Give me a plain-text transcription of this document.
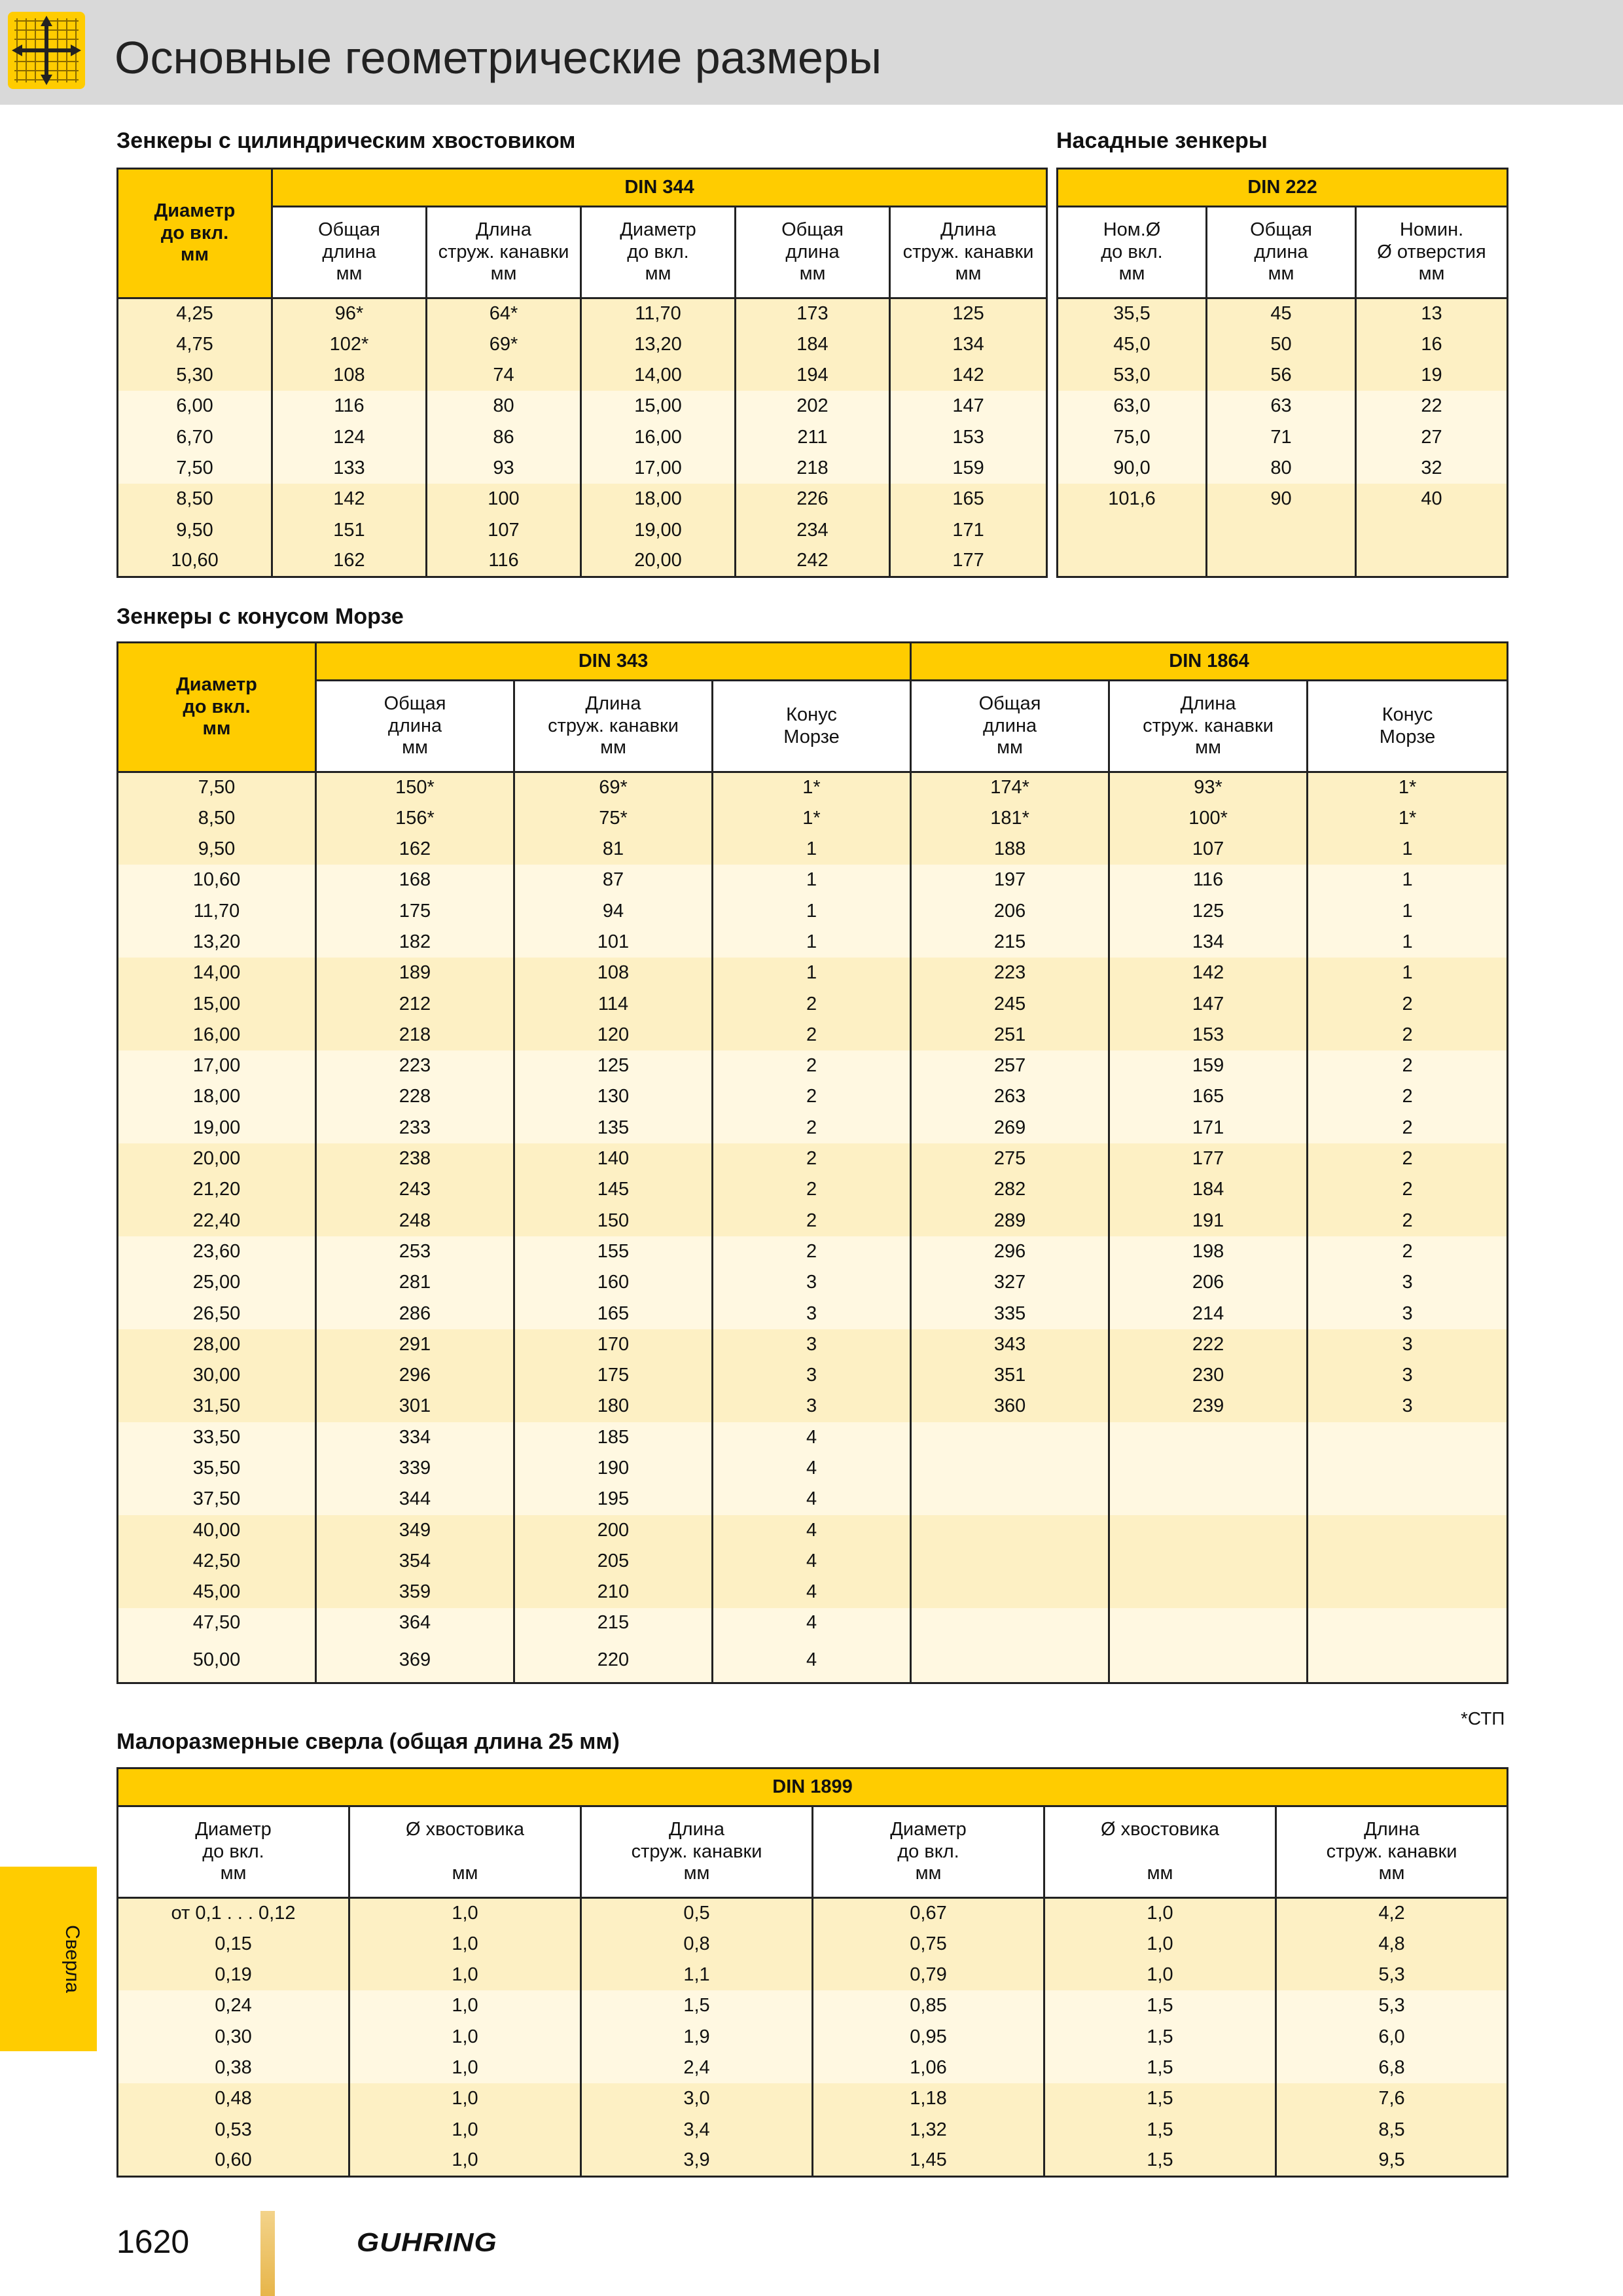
Основные геометрические размеры
Зенкеры с цилиндрическим хвостовиком	Насадные зенкеры
Диаметр
до вкл.
мм	DIN 344				
	Общая
длина
мм	Длина
струж. канавки
мм	Диаметр
до вкл.
мм	Общая
длина
мм	Длина
струж. канавки
мм
4,25	96*	64*	11,70	173	125
4,75	102*	69*	13,20	184	134
5,30	108	74	14,00	194	142
6,00	116	80	15,00	202	147
6,70	124	86	16,00	211	153
7,50	133	93	17,00	218	159
8,50	142	100	18,00	226	165
9,50	151	107	19,00	234	171
10,60	162	116	20,00	242	177
DIN 222		
Ном.Ø
до вкл.
мм	Общая
длина
мм	Номин.
Ø отверстия
мм
35,5	45	13
45,0	50	16
53,0	56	19
63,0	63	22
75,0	71	27
90,0	80	32
101,6	90	40

Зенкеры с конусом Морзе
Диаметр
до вкл.
мм	DIN 343			DIN 1864		
	Общая
длина
мм	Длина
струж. канавки
мм	Конус
Морзе	Общая
длина
мм	Длина
струж. канавки
мм	Конус
Морзе
7,50	150*	69*	1*	174*	93*	1*
8,50	156*	75*	1*	181*	100*	1*
9,50	162	81	1	188	107	1
10,60	168	87	1	197	116	1
11,70	175	94	1	206	125	1
13,20	182	101	1	215	134	1
14,00	189	108	1	223	142	1
15,00	212	114	2	245	147	2
16,00	218	120	2	251	153	2
17,00	223	125	2	257	159	2
18,00	228	130	2	263	165	2
19,00	233	135	2	269	171	2
20,00	238	140	2	275	177	2
21,20	243	145	2	282	184	2
22,40	248	150	2	289	191	2
23,60	253	155	2	296	198	2
25,00	281	160	3	327	206	3
26,50	286	165	3	335	214	3
28,00	291	170	3	343	222	3
30,00	296	175	3	351	230	3
31,50	301	180	3	360	239	3
33,50	334	185	4			
35,50	339	190	4			
37,50	344	195	4			
40,00	349	200	4			
42,50	354	205	4			
45,00	359	210	4			
47,50	364	215	4			
50,00	369	220	4			
*СТП
Малоразмерные сверла (общая длина 25 мм)
DIN 1899					
Диаметр
до вкл.
мм	Ø хвостовика

мм	Длина
струж. канавки
мм	Диаметр
до вкл.
мм	Ø хвостовика

мм	Длина
струж. канавки
мм
от 0,1 . . . 0,12	1,0	0,5	0,67	1,0	4,2
0,15	1,0	0,8	0,75	1,0	4,8
0,19	1,0	1,1	0,79	1,0	5,3
0,24	1,0	1,5	0,85	1,5	5,3
0,30	1,0	1,9	0,95	1,5	6,0
0,38	1,0	2,4	1,06	1,5	6,8
0,48	1,0	3,0	1,18	1,5	7,6
0,53	1,0	3,4	1,32	1,5	8,5
0,60	1,0	3,9	1,45	1,5	9,5
Сверла
1620	GUHRING
